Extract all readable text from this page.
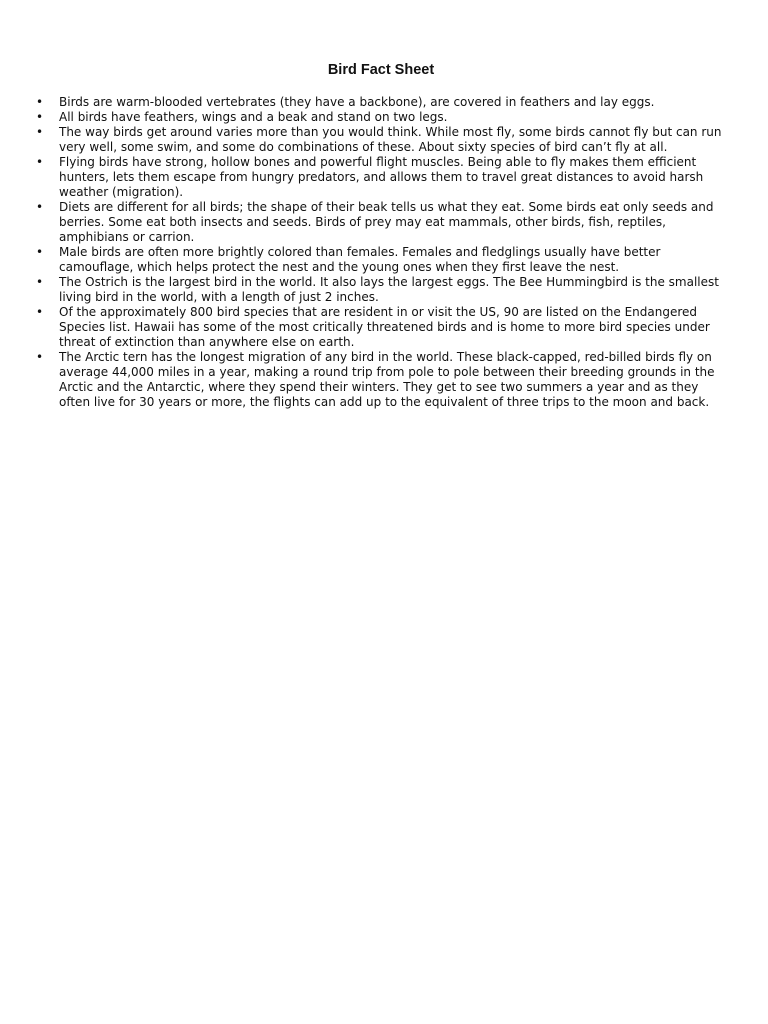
Bird Fact Sheet
• Birds are warm-blooded vertebrates (they have a backbone), are covered in feathers and lay eggs.
• All birds have feathers, wings and a beak and stand on two legs.
• The way birds get around varies more than you would think. While most fly, some birds cannot fly but can run very well, some swim, and some do combinations of these. About sixty species of bird can’t fly at all.
• Flying birds have strong, hollow bones and powerful flight muscles. Being able to fly makes them efficient hunters, lets them escape from hungry predators, and allows them to travel great distances to avoid harsh weather (migration).
• Diets are different for all birds; the shape of their beak tells us what they eat. Some birds eat only seeds and berries. Some eat both insects and seeds. Birds of prey may eat mammals, other birds, fish, reptiles, amphibians or carrion.
• Male birds are often more brightly colored than females. Females and fledglings usually have better camouflage, which helps protect the nest and the young ones when they first leave the nest.
• The Ostrich is the largest bird in the world. It also lays the largest eggs. The Bee Hummingbird is the smallest living bird in the world, with a length of just 2 inches.
• Of the approximately 800 bird species that are resident in or visit the US, 90 are listed on the Endangered Species list. Hawaii has some of the most critically threatened birds and is home to more bird species under threat of extinction than anywhere else on earth.
• The Arctic tern has the longest migration of any bird in the world. These black-capped, red-billed birds fly on average 44,000 miles in a year, making a round trip from pole to pole between their breeding grounds in the Arctic and the Antarctic, where they spend their winters. They get to see two summers a year and as they often live for 30 years or more, the flights can add up to the equivalent of three trips to the moon and back.
